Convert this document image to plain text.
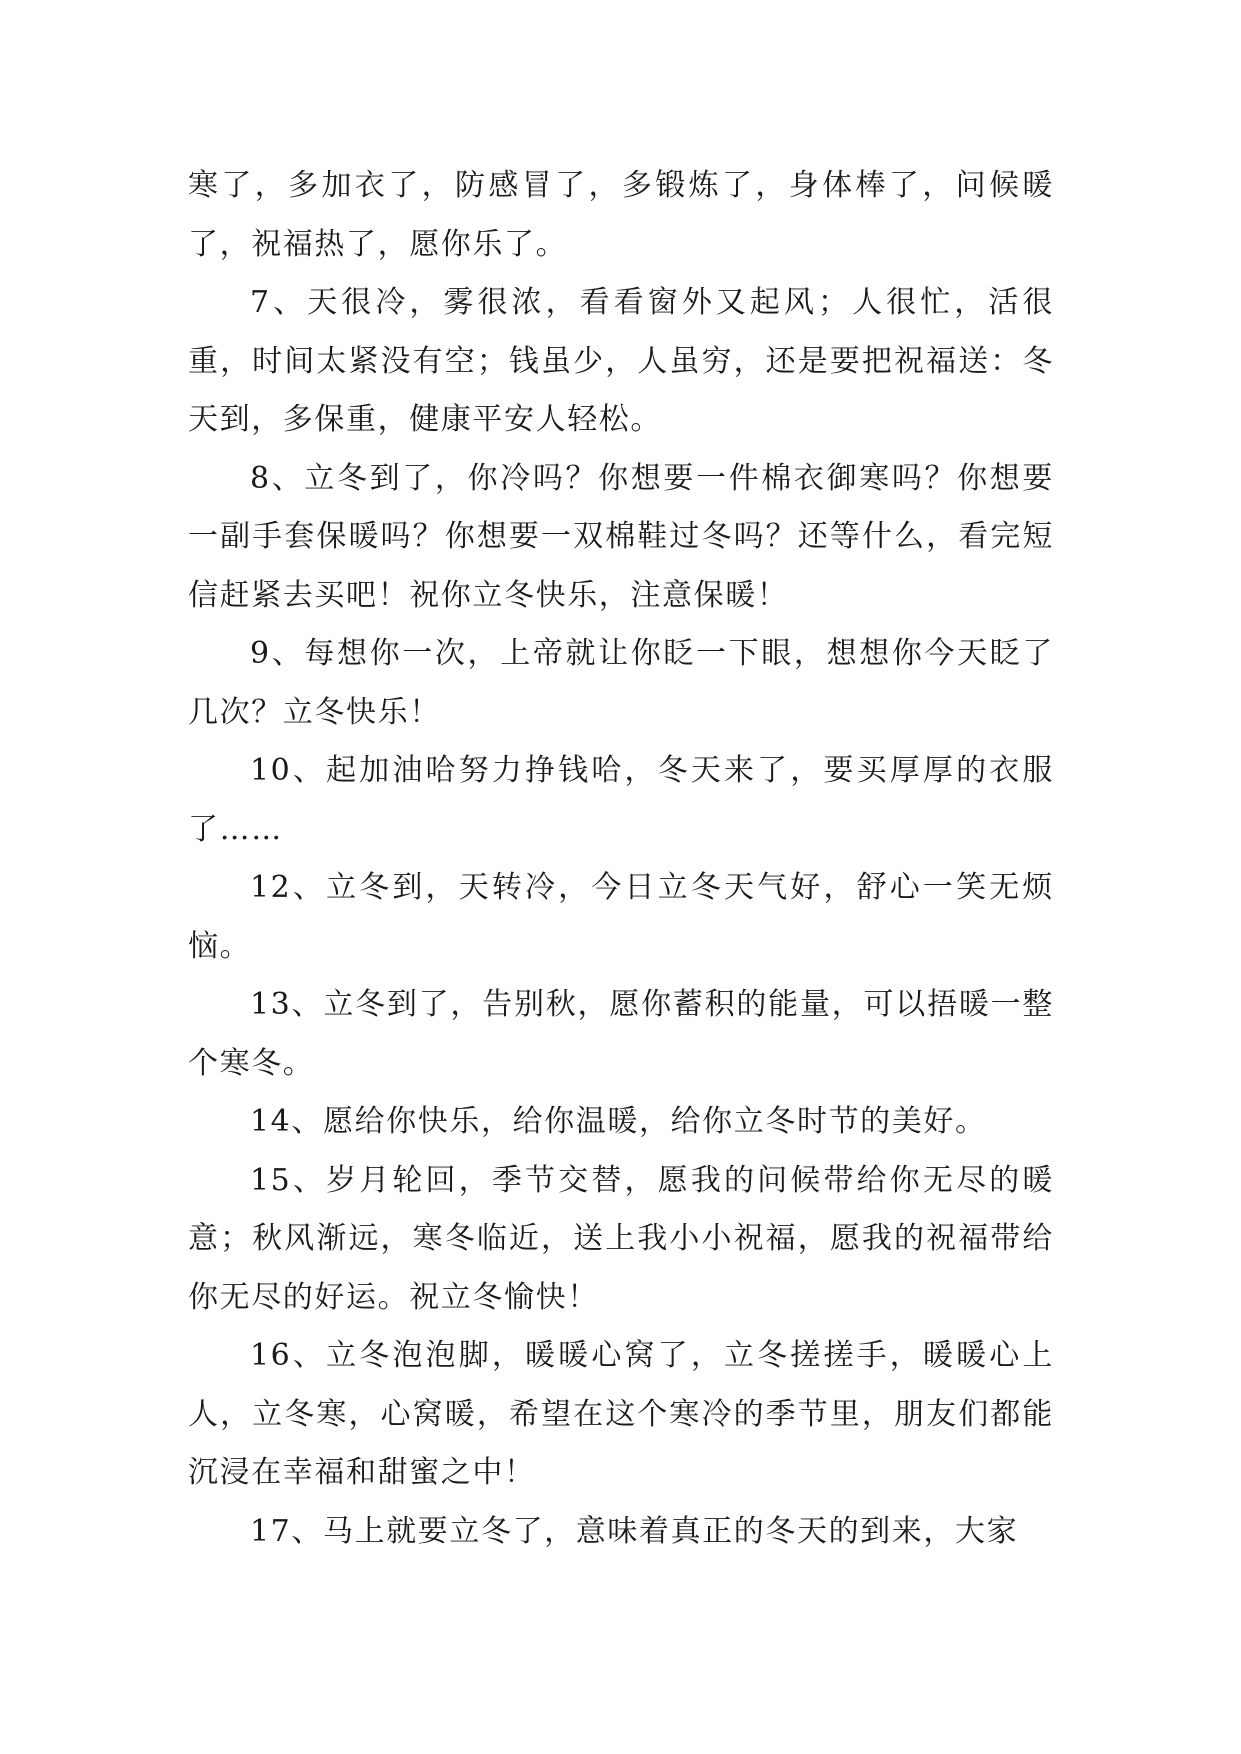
寒了，多加衣了，防感冒了，多锻炼了，身体棒了，问候暖了，祝福热了，愿你乐了。

7、天很冷，雾很浓，看看窗外又起风；人很忙，活很重，时间太紧没有空；钱虽少，人虽穷，还是要把祝福送：冬天到，多保重，健康平安人轻松。

8、立冬到了，你冷吗？你想要一件棉衣御寒吗？你想要一副手套保暖吗？你想要一双棉鞋过冬吗？还等什么，看完短信赶紧去买吧！祝你立冬快乐，注意保暖！

9、每想你一次，上帝就让你眨一下眼，想想你今天眨了几次？立冬快乐！

10、起加油哈努力挣钱哈，冬天来了，要买厚厚的衣服了……

12、立冬到，天转冷，今日立冬天气好，舒心一笑无烦恼。

13、立冬到了，告别秋，愿你蓄积的能量，可以捂暖一整个寒冬。

14、愿给你快乐，给你温暖，给你立冬时节的美好。

15、岁月轮回，季节交替，愿我的问候带给你无尽的暖意；秋风渐远，寒冬临近，送上我小小祝福，愿我的祝福带给你无尽的好运。祝立冬愉快！

16、立冬泡泡脚，暖暖心窝了，立冬搓搓手，暖暖心上人，立冬寒，心窝暖，希望在这个寒冷的季节里，朋友们都能沉浸在幸福和甜蜜之中！

17、马上就要立冬了，意味着真正的冬天的到来，大家
